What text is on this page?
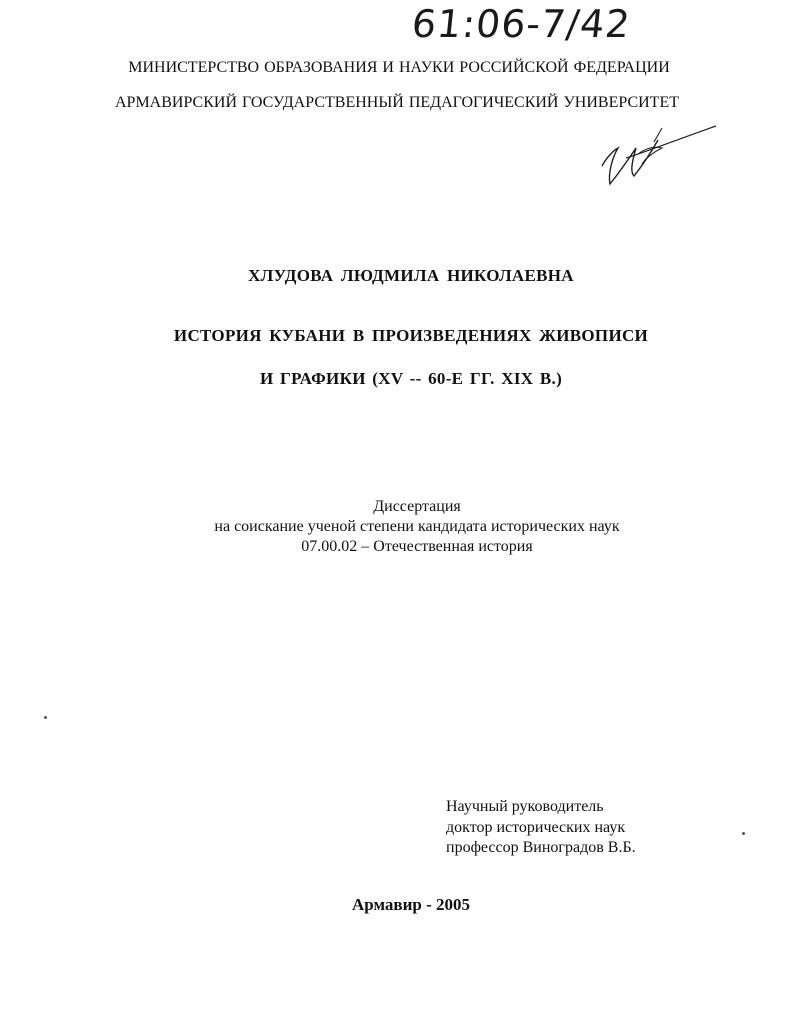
61:06-7/42
МИНИСТЕРСТВО ОБРАЗОВАНИЯ И НАУКИ РОССИЙСКОЙ ФЕДЕРАЦИИ
АРМАВИРСКИЙ ГОСУДАРСТВЕННЫЙ ПЕДАГОГИЧЕСКИЙ УНИВЕРСИТЕТ
ХЛУДОВА ЛЮДМИЛА НИКОЛАЕВНА
ИСТОРИЯ КУБАНИ В ПРОИЗВЕДЕНИЯХ ЖИВОПИСИ
И ГРАФИКИ (XV -- 60-Е ГГ. XIX В.)
Диссертация
на соискание ученой степени кандидата исторических наук
07.00.02 – Отечественная история
Научный руководитель
доктор исторических наук
профессор Виноградов В.Б.
Армавир - 2005
